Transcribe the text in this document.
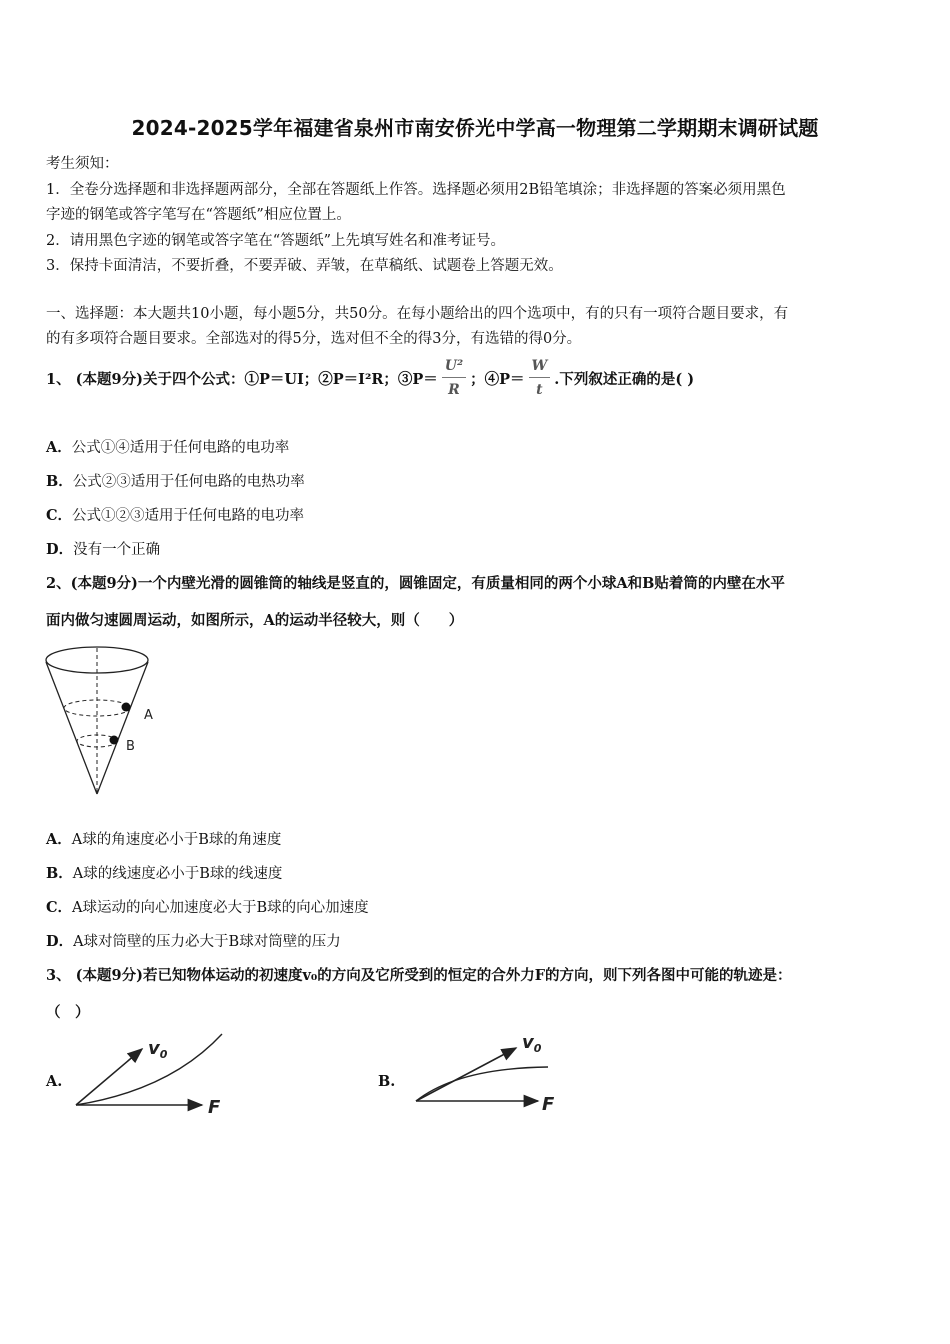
2024-2025学年福建省泉州市南安侨光中学高一物理第二学期期末调研试题
考生须知：
1．全卷分选择题和非选择题两部分，全部在答题纸上作答。选择题必须用2B铅笔填涂；非选择题的答案必须用黑色
字迹的钢笔或答字笔写在“答题纸”相应位置上。
2．请用黑色字迹的钢笔或答字笔在“答题纸”上先填写姓名和准考证号。
3．保持卡面清洁，不要折叠，不要弄破、弄皱，在草稿纸、试题卷上答题无效。
一、选择题：本大题共10小题，每小题5分，共50分。在每小题给出的四个选项中，有的只有一项符合题目要求，有
的有多项符合题目要求。全部选对的得5分，选对但不全的得3分，有选错的得0分。
1、 (本题9分)关于四个公式：①P＝UI；②P＝I²R；③P＝ $\frac{\text{U²}}{R}$ ；④P＝ $\frac{W}{t}$ .下列叙述正确的是( )
A．公式①④适用于任何电路的电功率
B．公式②③适用于任何电路的电热功率
C．公式①②③适用于任何电路的电功率
D．没有一个正确
2、(本题9分)一个内壁光滑的圆锥筒的轴线是竖直的，圆锥固定，有质量相同的两个小球A和B贴着筒的内壁在水平
面内做匀速圆周运动，如图所示，A的运动半径较大，则（　　）
A
B
A．A球的角速度必小于B球的角速度
B．A球的线速度必小于B球的线速度
C．A球运动的向心加速度必大于B球的向心加速度
D．A球对筒壁的压力必大于B球对筒壁的压力
3、 (本题9分)若已知物体运动的初速度v₀的方向及它所受到的恒定的合外力F的方向，则下列各图中可能的轨迹是：
（　）
A.
$v_0$
F
B.
$v_0$
F
